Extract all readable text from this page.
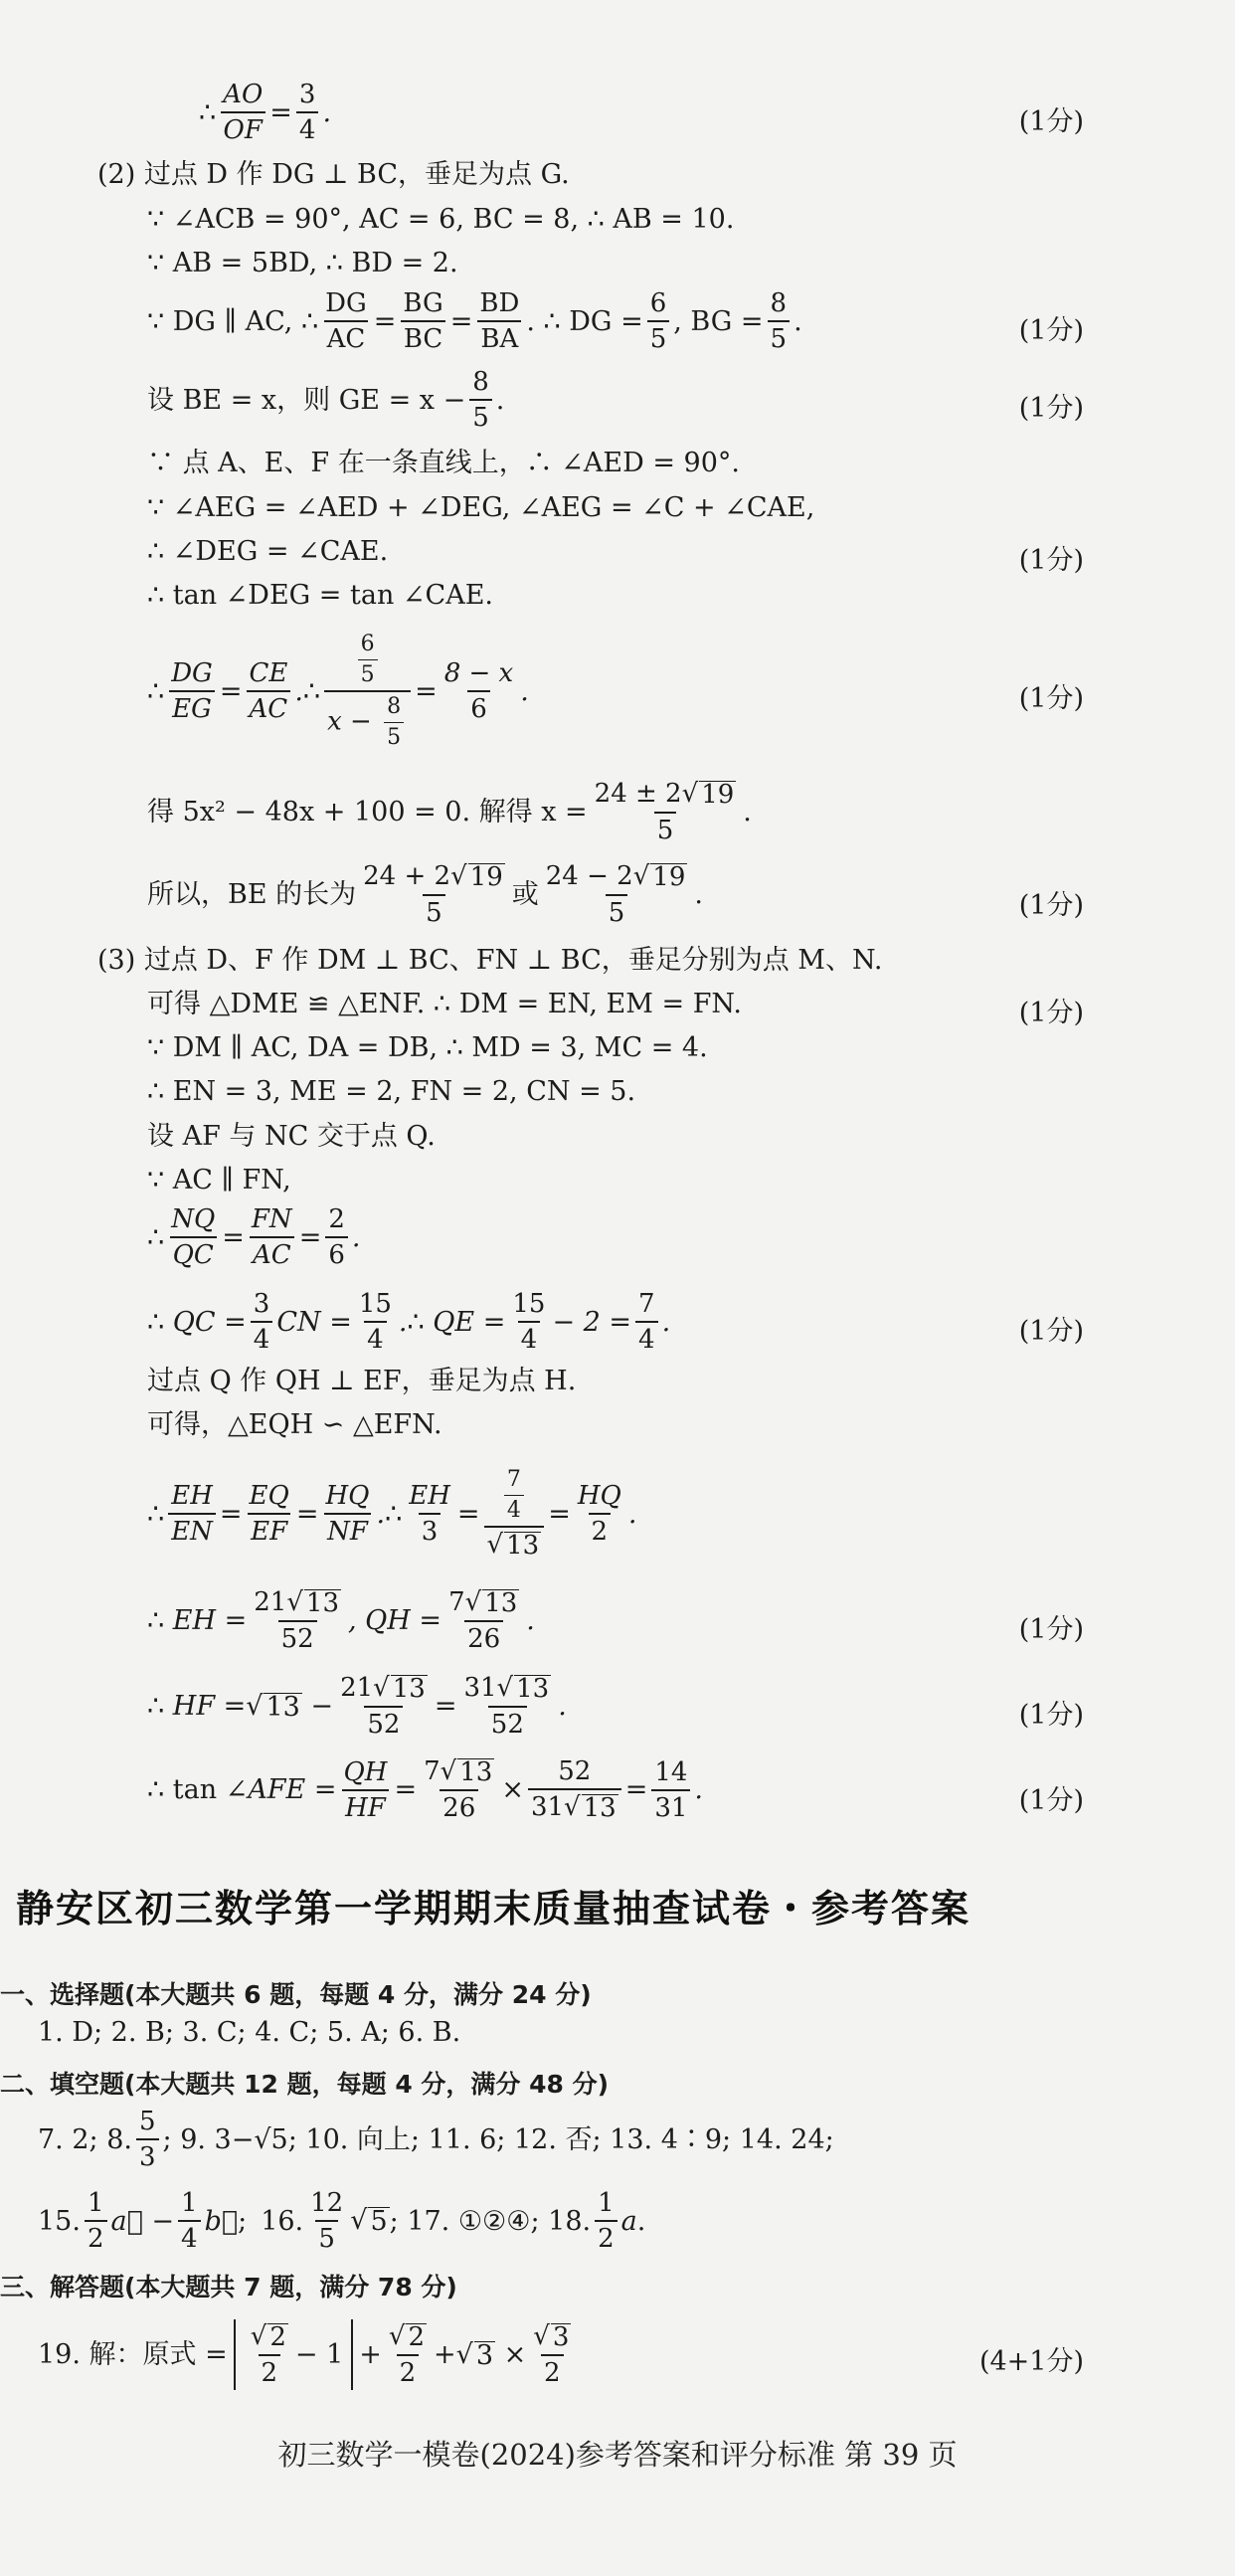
∴ $\frac{AO}{OF} = \frac{3}{4}$ .	(1分)
(2) 过点 D 作 DG ⊥ BC，垂足为点 G.
∵ ∠ACB = 90°, AC = 6, BC = 8, ∴ AB = 10.
∵ AB = 5BD, ∴ BD = 2.
∵ DG ∥ AC, ∴ $\frac{DG}{AC} = \frac{BG}{BC} = \frac{BD}{BA}$ . ∴ DG = $\frac{6}{5}$ , BG = $\frac{8}{5}$ .	(1分)
设 BE = x，则 GE = $x - \frac{8}{5}$ .	(1分)
∵ 点 A、E、F 在一条直线上，∴ ∠AED = 90°.
∵ ∠AEG = ∠AED + ∠DEG, ∠AEG = ∠C + ∠CAE,
∴ ∠DEG = ∠CAE.	(1分)
∴ tan ∠DEG = tan ∠CAE.
∴ $\frac{DG}{EG} = \frac{CE}{AC}$ . ∴ $\frac{\frac{6}{5}}{x - \frac{8}{5}} = \frac{8 - x}{6}$ .	(1分)
得 5x² − 48x + 100 = 0. 解得 $x = \frac{24 \pm 2 √ 19}{5}$ .
所以，BE 的长为 $\frac{24 + 2 √ 19}{5}$ 或 $\frac{24 - 2 √ 19}{5}$ .	(1分)
(3) 过点 D、F 作 DM ⊥ BC、FN ⊥ BC，垂足分别为点 M、N.
可得 △DME ≌ △ENF. ∴ DM = EN, EM = FN.	(1分)
∵ DM ∥ AC, DA = DB, ∴ MD = 3, MC = 4.
∴ EN = 3, ME = 2, FN = 2, CN = 5.
设 AF 与 NC 交于点 Q.
∵ AC ∥ FN,
∴ $\frac{NQ}{QC} = \frac{FN}{AC} = \frac{2}{6}$ .
∴ QC = $\frac{3}{4}$ CN = $\frac{15}{4}$ . ∴ QE = $\frac{15}{4} - 2 = \frac{7}{4}$ .	(1分)
过点 Q 作 QH ⊥ EF，垂足为点 H.
可得，△EQH ∽ △EFN.
∴ $\frac{EH}{EN} = \frac{EQ}{EF} = \frac{HQ}{NF}$ . ∴ $\frac{EH}{3} = \frac{\frac{7}{4}}{√ 13} = \frac{HQ}{2}$ .
∴ EH = $\frac{21 √ 13}{52}$ , QH = $\frac{7 √ 13}{26}$ .	(1分)
∴ HF = √ $13 - \frac{21 √ 13}{52} = \frac{31 √ 13}{52}$ .	(1分)
∴ tan ∠ AFE = $\frac{QH}{HF} = \frac{7 √ 13}{26} \times \frac{52}{31 √ 13} = \frac{14}{31}$ .	(1分)
静安区初三数学第一学期期末质量抽查试卷・参考答案
一、选择题(本大题共 6 题，每题 4 分，满分 24 分)
1. D; 2. B; 3. C; 4. C; 5. A; 6. B.
二、填空题(本大题共 12 题，每题 4 分，满分 48 分)
7. 2; 8. $\frac{5}{3}$ ; 9. 3−√5; 10. 向上; 11. 6; 12. 否; 13. 4∶9; 14. 24;
15. $\frac{1}{2}$ a⃗ − $\frac{1}{4}$ b⃗ ; 16. $\frac{12}{5}$ √ 5 ; 17. ①②④; 18. $\frac{1}{2}$ a .
三、解答题(本大题共 7 题，满分 78 分)
19. 解：原式 = $\frac{√ 2}{2} - 1 + \frac{√ 2}{2}$ + √ $3 \times \frac{√ 3}{2}$	(4+1分)
初三数学一模卷(2024)参考答案和评分标准 第 39 页
